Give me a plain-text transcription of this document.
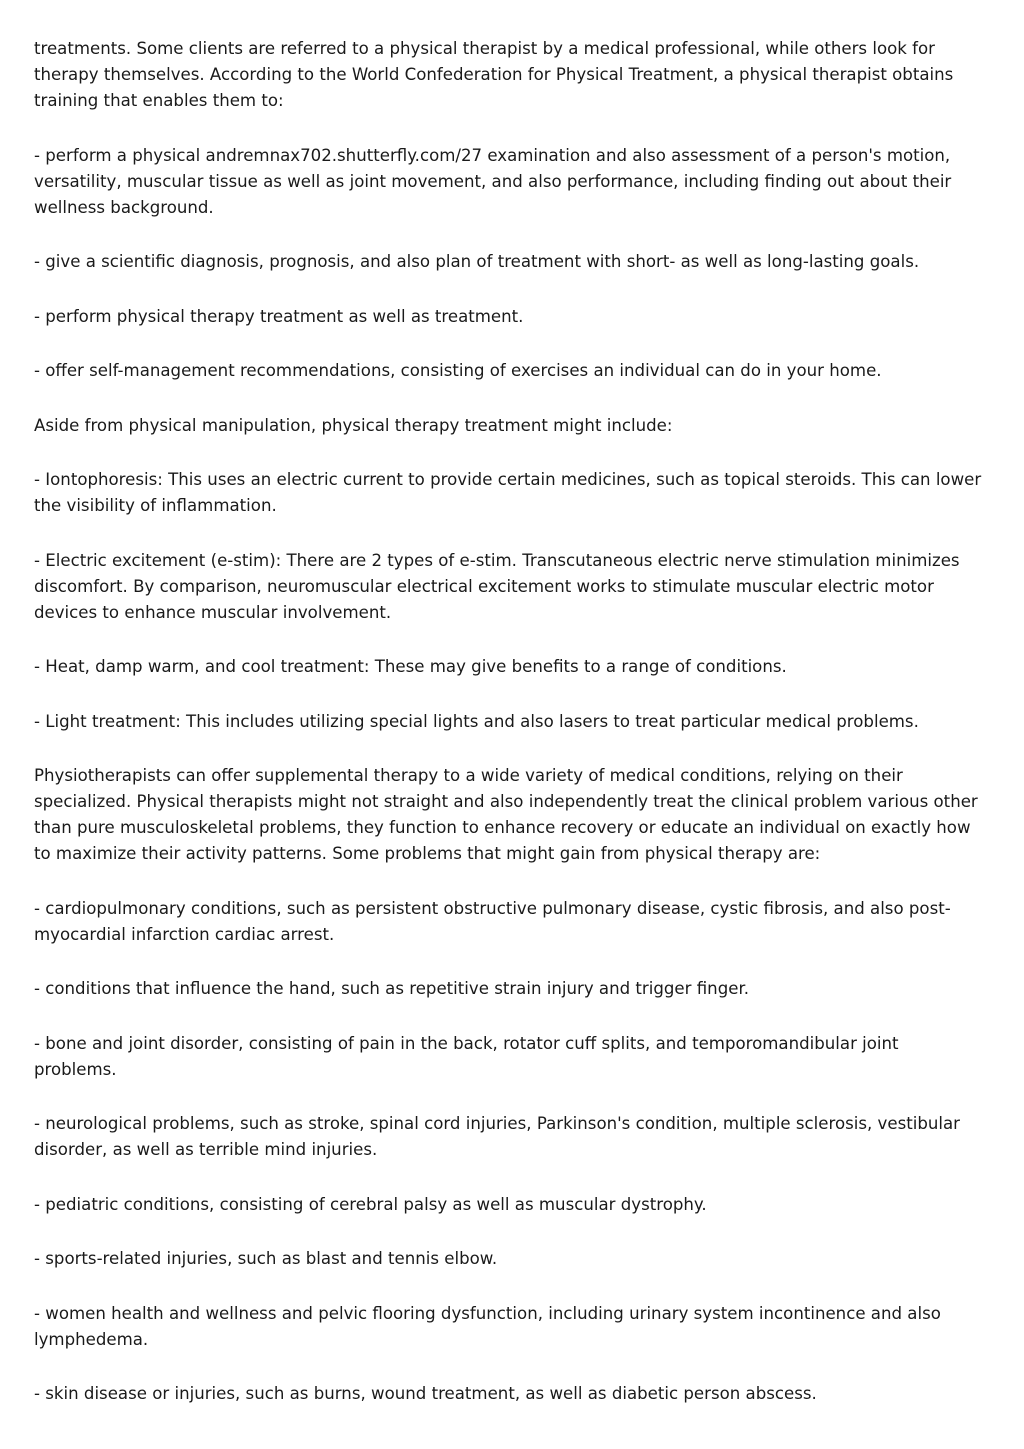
treatments. Some clients are referred to a physical therapist by a medical professional, while others look for therapy themselves. According to the World Confederation for Physical Treatment, a physical therapist obtains training that enables them to:

- perform a physical andremnax702.shutterfly.com/27 examination and also assessment of a person's motion, versatility, muscular tissue as well as joint movement, and also performance, including finding out about their wellness background.

- give a scientific diagnosis, prognosis, and also plan of treatment with short- as well as long-lasting goals.

- perform physical therapy treatment as well as treatment.

- offer self-management recommendations, consisting of exercises an individual can do in your home.

Aside from physical manipulation, physical therapy treatment might include:

- Iontophoresis: This uses an electric current to provide certain medicines, such as topical steroids. This can lower the visibility of inflammation.

- Electric excitement (e-stim): There are 2 types of e-stim. Transcutaneous electric nerve stimulation minimizes discomfort. By comparison, neuromuscular electrical excitement works to stimulate muscular electric motor devices to enhance muscular involvement.

- Heat, damp warm, and cool treatment: These may give benefits to a range of conditions.

- Light treatment: This includes utilizing special lights and also lasers to treat particular medical problems.

Physiotherapists can offer supplemental therapy to a wide variety of medical conditions, relying on their specialized. Physical therapists might not straight and also independently treat the clinical problem various other than pure musculoskeletal problems, they function to enhance recovery or educate an individual on exactly how to maximize their activity patterns. Some problems that might gain from physical therapy are:

- cardiopulmonary conditions, such as persistent obstructive pulmonary disease, cystic fibrosis, and also post-myocardial infarction cardiac arrest.

- conditions that influence the hand, such as repetitive strain injury and trigger finger.

- bone and joint disorder, consisting of pain in the back, rotator cuff splits, and temporomandibular joint problems.

- neurological problems, such as stroke, spinal cord injuries, Parkinson's condition, multiple sclerosis, vestibular disorder, as well as terrible mind injuries.

- pediatric conditions, consisting of cerebral palsy as well as muscular dystrophy.

- sports-related injuries, such as blast and tennis elbow.

- women health and wellness and pelvic flooring dysfunction, including urinary system incontinence and also lymphedema.

- skin disease or injuries, such as burns, wound treatment, as well as diabetic person abscess.
